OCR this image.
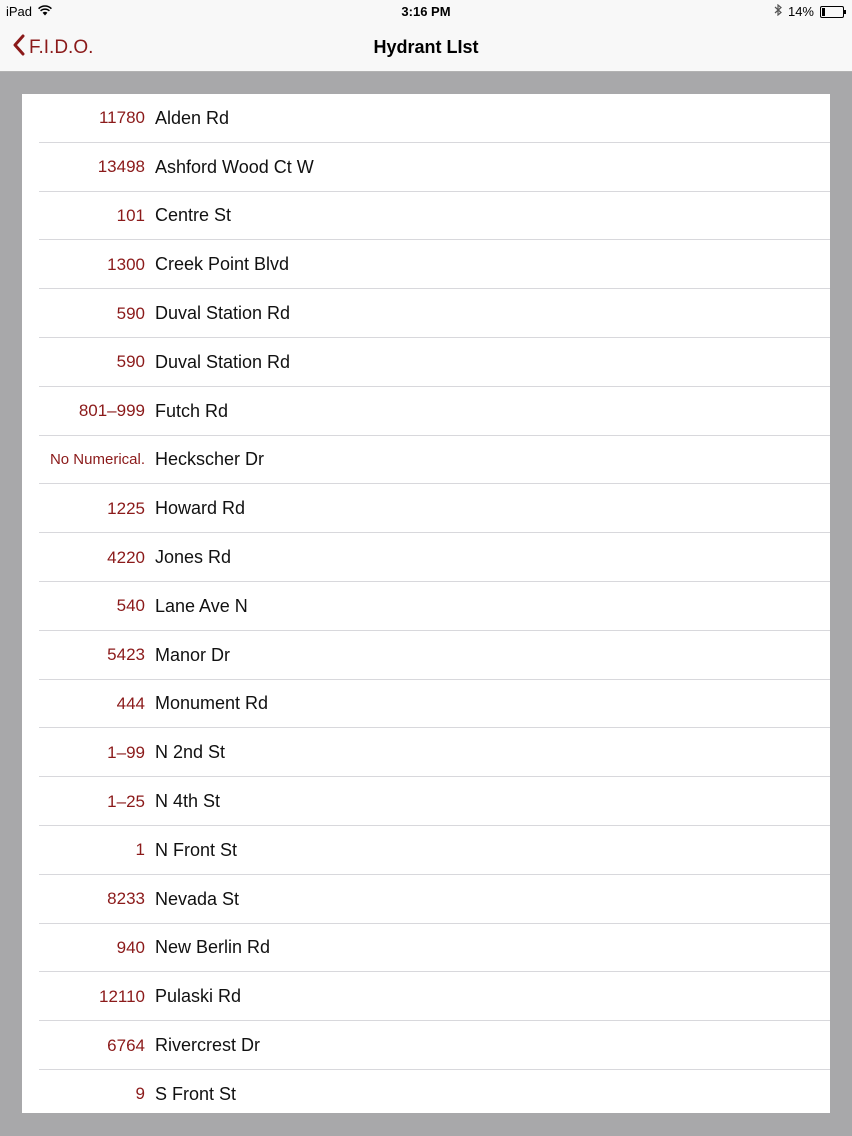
iPad	3:16 PM	14%
F.I.D.O.	Hydrant LIst
11780 Alden Rd
13498 Ashford Wood Ct W
101 Centre St
1300 Creek Point Blvd
590 Duval Station Rd
590 Duval Station Rd
801–999 Futch Rd
No Numerical. Heckscher Dr
1225 Howard Rd
4220 Jones Rd
540 Lane Ave N
5423 Manor Dr
444 Monument Rd
1–99 N 2nd St
1–25 N 4th St
1 N Front St
8233 Nevada St
940 New Berlin Rd
12110 Pulaski Rd
6764 Rivercrest Dr
9 S Front St
